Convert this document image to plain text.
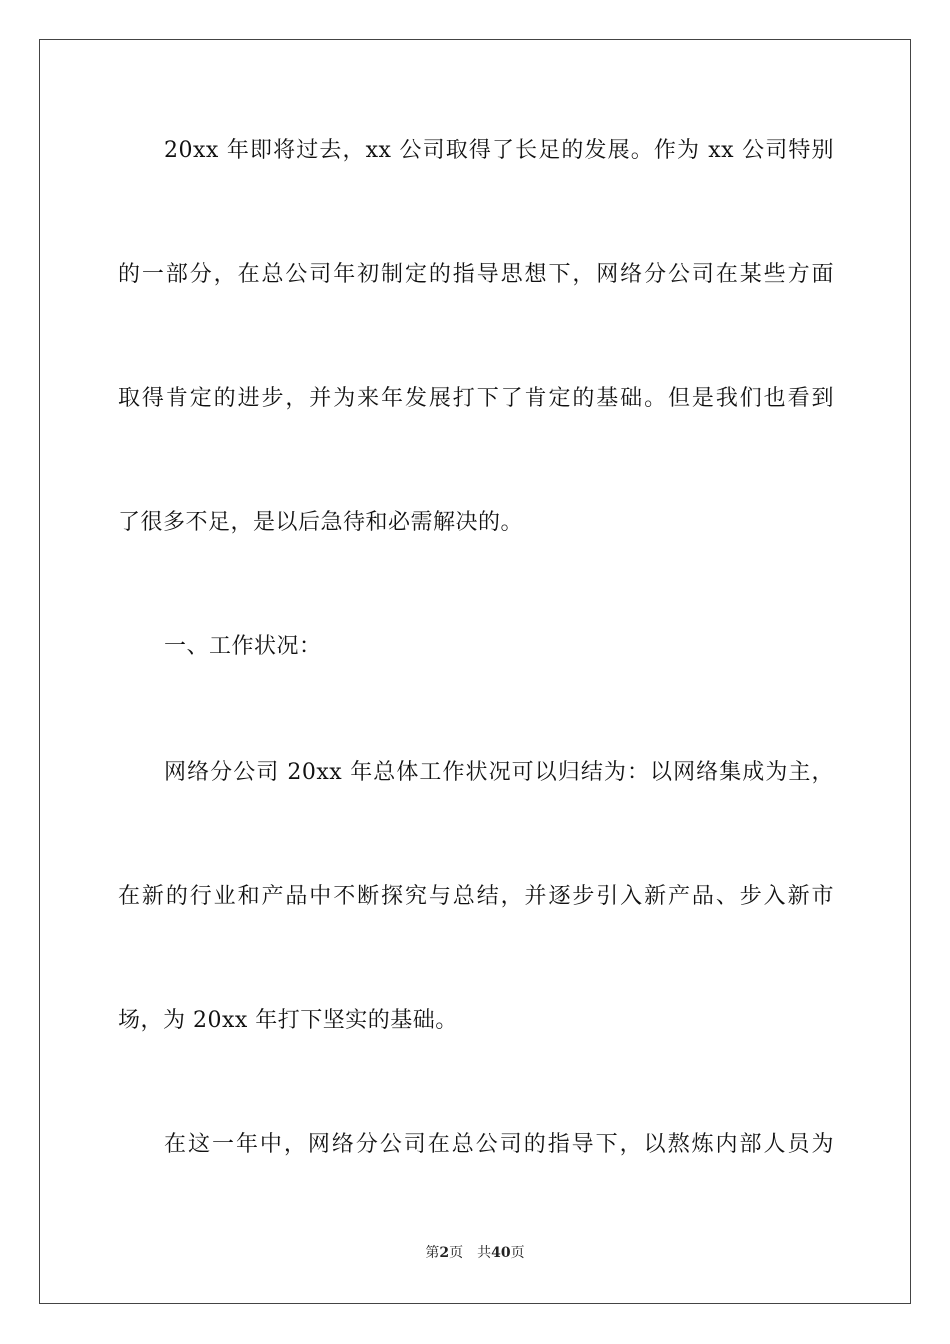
20xx 年即将过去，xx 公司取得了长足的发展。作为 xx 公司特别
的一部分，在总公司年初制定的指导思想下，网络分公司在某些方面
取得肯定的进步，并为来年发展打下了肯定的基础。但是我们也看到
了很多不足，是以后急待和必需解决的。
一、工作状况：
网络分公司 20xx 年总体工作状况可以归结为：以网络集成为主，
在新的行业和产品中不断探究与总结，并逐步引入新产品、步入新市
场，为 20xx 年打下坚实的基础。
在这一年中，网络分公司在总公司的指导下，以熬炼内部人员为
第2页 共40页
